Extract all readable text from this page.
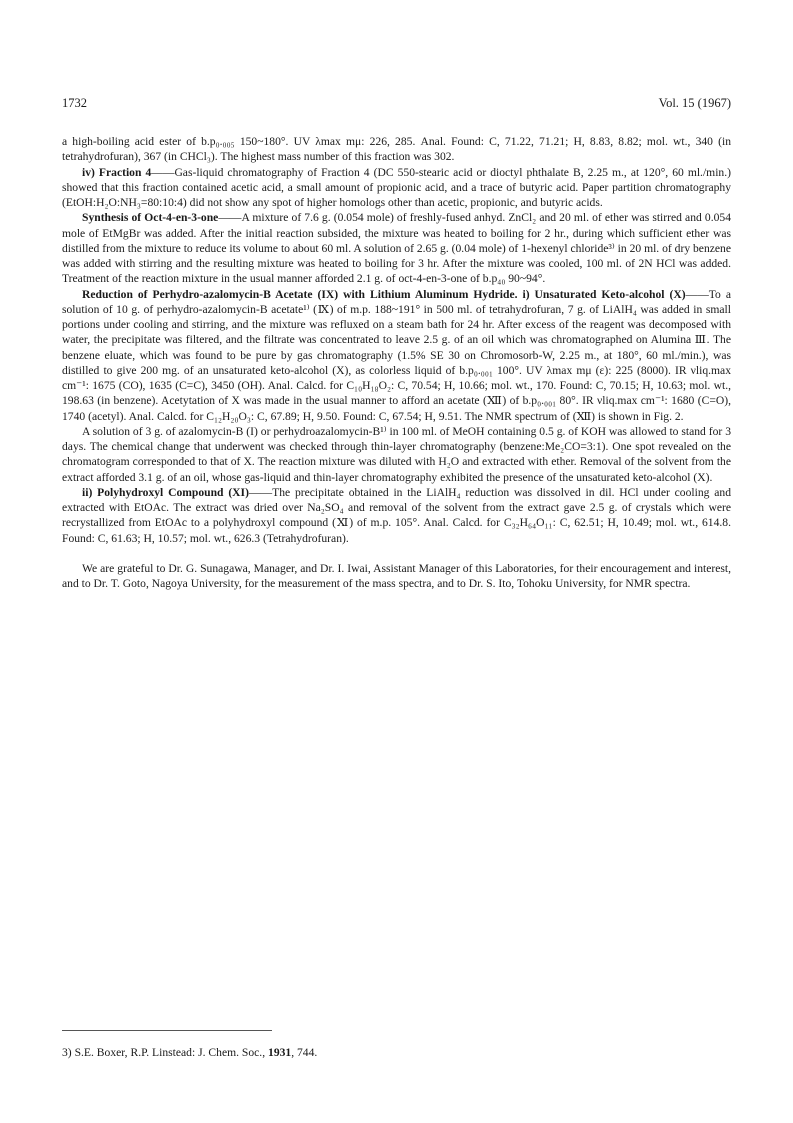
1732	Vol. 15 (1967)

a high-boiling acid ester of b.p₀.₀₀₅ 150~180°. UV λmax mμ: 226, 285. Anal. Found: C, 71.22, 71.21; H, 8.83, 8.82; mol. wt., 340 (in tetrahydrofuran), 367 (in CHCl₃). The highest mass number of this fraction was 302.

iv) Fraction 4——Gas-liquid chromatography of Fraction 4 (DC 550-stearic acid or dioctyl phthalate B, 2.25 m., at 120°, 60 ml./min.) showed that this fraction contained acetic acid, a small amount of propionic acid, and a trace of butyric acid. Paper partition chromatography (EtOH:H₂O:NH₃=80:10:4) did not show any spot of higher homologs other than acetic, propionic, and butyric acids.

Synthesis of Oct-4-en-3-one——A mixture of 7.6 g. (0.054 mole) of freshly-fused anhyd. ZnCl₂ and 20 ml. of ether was stirred and 0.054 mole of EtMgBr was added. After the initial reaction subsided, the mixture was heated to boiling for 2 hr., during which sufficient ether was distilled from the mixture to reduce its volume to about 60 ml. A solution of 2.65 g. (0.04 mole) of 1-hexenyl chloride³⁾ in 20 ml. of dry benzene was added with stirring and the resulting mixture was heated to boiling for 3 hr. After the mixture was cooled, 100 ml. of 2N HCl was added. Treatment of the reaction mixture in the usual manner afforded 2.1 g. of oct-4-en-3-one of b.p₄₀ 90~94°.

Reduction of Perhydro-azalomycin-B Acetate (IX) with Lithium Aluminum Hydride. i) Unsaturated Keto-alcohol (X)——To a solution of 10 g. of perhydro-azalomycin-B acetate¹⁾ (Ⅸ) of m.p. 188~191° in 500 ml. of tetrahydrofuran, 7 g. of LiAlH₄ was added in small portions under cooling and stirring, and the mixture was refluxed on a steam bath for 24 hr. After excess of the reagent was decomposed with water, the precipitate was filtered, and the filtrate was concentrated to leave 2.5 g. of an oil which was chromatographed on Alumina Ⅲ. The benzene eluate, which was found to be pure by gas chromatography (1.5% SE 30 on Chromosorb-W, 2.25 m., at 180°, 60 ml./min.), was distilled to give 200 mg. of an unsaturated keto-alcohol (X), as colorless liquid of b.p₀.₀₀₁ 100°. UV λmax mμ (ε): 225 (8000). IR νliq.max cm⁻¹: 1675 (CO), 1635 (C=C), 3450 (OH). Anal. Calcd. for C₁₀H₁₈O₂: C, 70.54; H, 10.66; mol. wt., 170. Found: C, 70.15; H, 10.63; mol. wt., 198.63 (in benzene). Acetytation of X was made in the usual manner to afford an acetate (Ⅻ) of b.p₀.₀₀₁ 80°. IR νliq.max cm⁻¹: 1680 (C=O), 1740 (acetyl). Anal. Calcd. for C₁₂H₂₀O₃: C, 67.89; H, 9.50. Found: C, 67.54; H, 9.51. The NMR spectrum of (Ⅻ) is shown in Fig. 2.

A solution of 3 g. of azalomycin-B (I) or perhydroazalomycin-B¹⁾ in 100 ml. of MeOH containing 0.5 g. of KOH was allowed to stand for 3 days. The chemical change that underwent was checked through thin-layer chromatography (benzene:Me₂CO=3:1). One spot revealed on the chromatogram corresponded to that of X. The reaction mixture was diluted with H₂O and extracted with ether. Removal of the solvent from the extract afforded 3.1 g. of an oil, whose gas-liquid and thin-layer chromatography exhibited the presence of the unsaturated keto-alcohol (X).

ii) Polyhydroxyl Compound (XI)——The precipitate obtained in the LiAlH₄ reduction was dissolved in dil. HCl under cooling and extracted with EtOAc. The extract was dried over Na₂SO₄ and removal of the solvent from the extract gave 2.5 g. of crystals which were recrystallized from EtOAc to a polyhydroxyl compound (Ⅺ) of m.p. 105°. Anal. Calcd. for C₃₂H₆₄O₁₁: C, 62.51; H, 10.49; mol. wt., 614.8. Found: C, 61.63; H, 10.57; mol. wt., 626.3 (Tetrahydrofuran).

We are grateful to Dr. G. Sunagawa, Manager, and Dr. I. Iwai, Assistant Manager of this Laboratories, for their encouragement and interest, and to Dr. T. Goto, Nagoya University, for the measurement of the mass spectra, and to Dr. S. Ito, Tohoku University, for NMR spectra.

3) S.E. Boxer, R.P. Linstead: J. Chem. Soc., 1931, 744.
